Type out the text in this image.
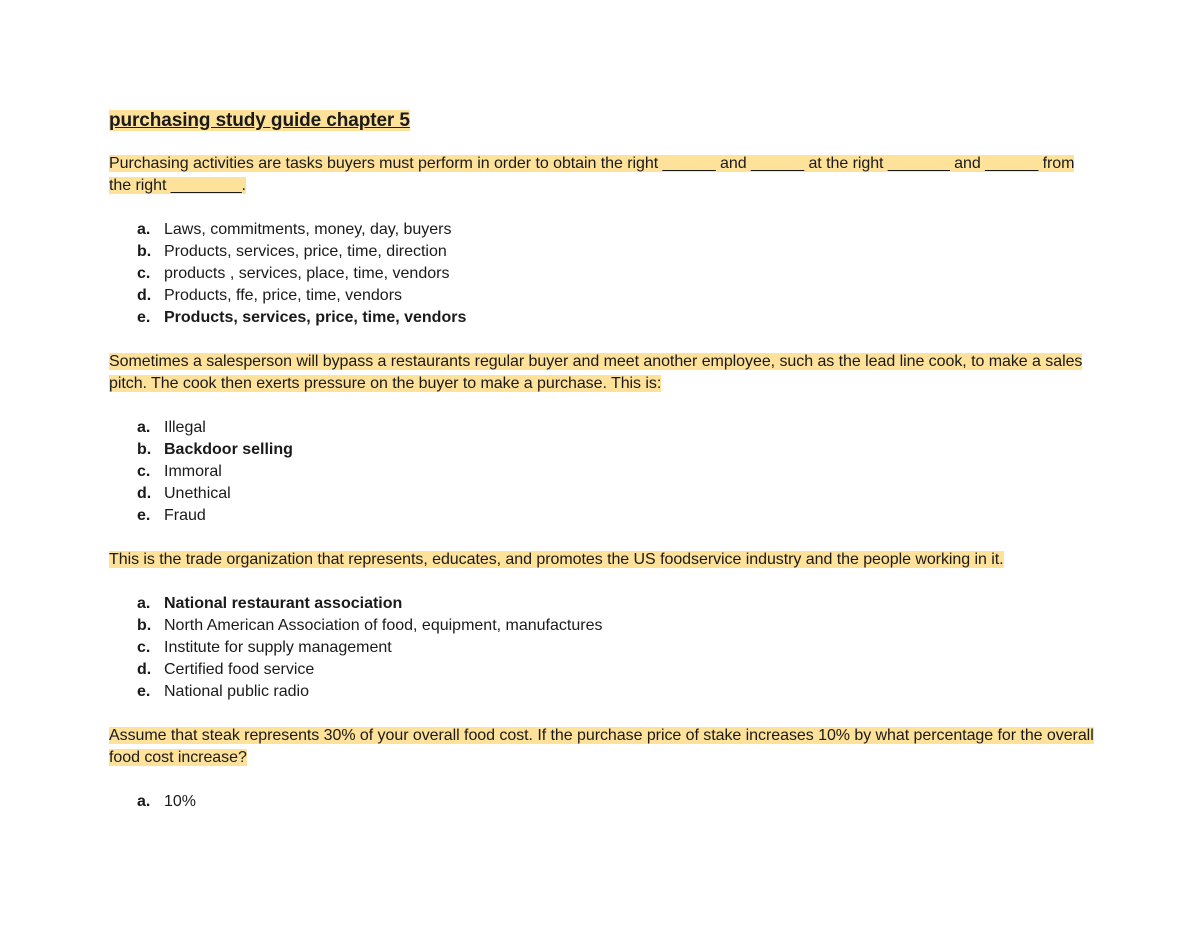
purchasing study guide chapter 5
Purchasing activities are tasks buyers must perform in order to obtain the right ______ and ______ at the right _______ and ______ from the right ________.
a. Laws, commitments, money, day, buyers
b. Products, services, price, time, direction
c. products , services, place, time, vendors
d. Products, ffe, price, time, vendors
e. Products, services, price, time, vendors
Sometimes a salesperson will bypass a restaurants regular buyer and meet another employee, such as the lead line cook, to make a sales pitch. The cook then exerts pressure on the buyer to make a purchase. This is:
a. Illegal
b. Backdoor selling
c. Immoral
d. Unethical
e. Fraud
This is the trade organization that represents, educates, and promotes the US foodservice industry and the people working in it.
a. National restaurant association
b. North American Association of food, equipment, manufactures
c. Institute for supply management
d. Certified food service
e. National public radio
Assume that steak represents 30% of your overall food cost. If the purchase price of stake increases 10% by what percentage for the overall food cost increase?
a. 10%
